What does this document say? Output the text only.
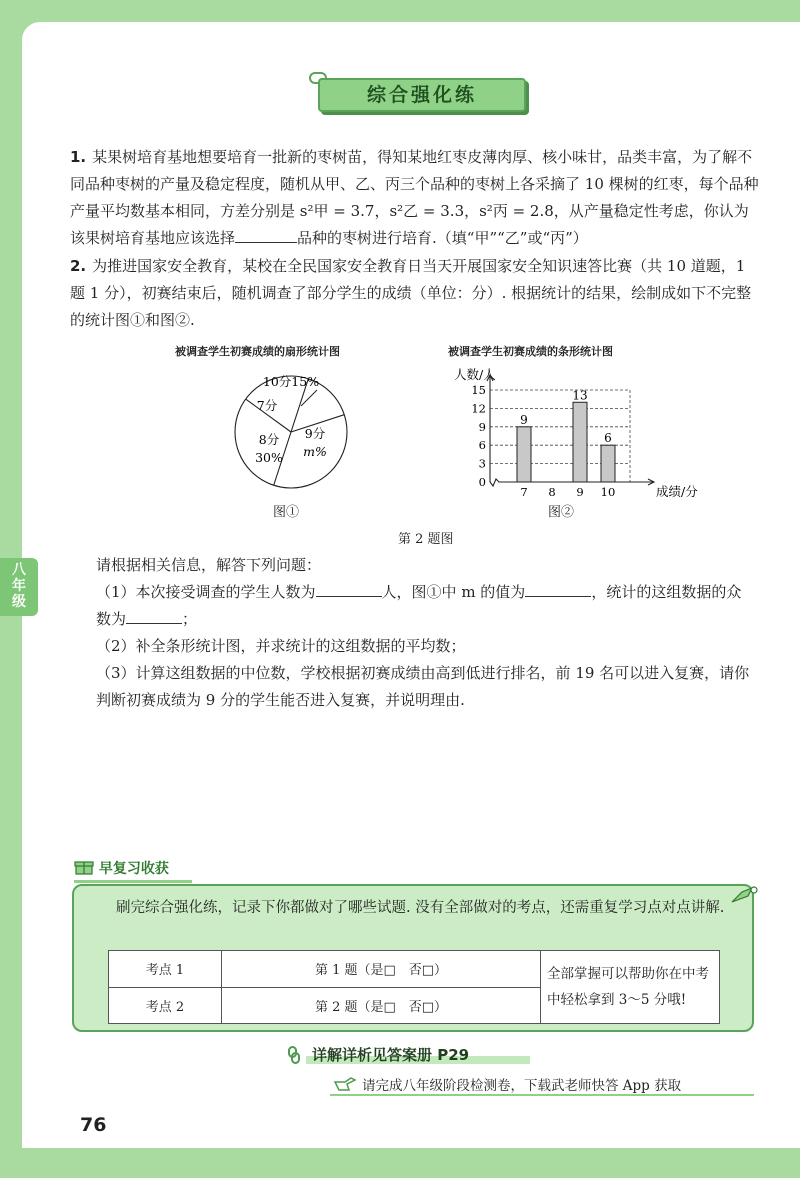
综合强化练
1. 某果树培育基地想要培育一批新的枣树苗，得知某地红枣皮薄肉厚、核小味甘，品类丰富，为了解不同品种枣树的产量及稳定程度，随机从甲、乙、丙三个品种的枣树上各采摘了 10 棵树的红枣，每个品种产量平均数基本相同，方差分别是 s²甲 = 3.7，s²乙 = 3.3，s²丙 = 2.8，从产量稳定性考虑，你认为该果树培育基地应该选择	品种的枣树进行培育.（填“甲”“乙”或“丙”）
2. 为推进国家安全教育，某校在全民国家安全教育日当天开展国家安全知识速答比赛（共 10 道题，1 题 1 分），初赛结束后，随机调查了部分学生的成绩（单位：分）. 根据统计的结果，绘制成如下不完整的统计图①和图②.
被调查学生初赛成绩的扇形统计图	被调查学生初赛成绩的条形统计图
10分15%
9分
m%
8分
30%
7分
人数/人
0
3
6
9
12
15
7
9
8 9
13
10
6
成绩/分
图①	图②
第 2 题图
八
年
级
请根据相关信息，解答下列问题：
（1）本次接受调查的学生人数为	人，图①中 m 的值为	，统计的这组数据的众数为	；
（2）补全条形统计图，并求统计的这组数据的平均数；
（3）计算这组数据的中位数，学校根据初赛成绩由高到低进行排名，前 19 名可以进入复赛，请你判断初赛成绩为 9 分的学生能否进入复赛，并说明理由.
早复习收获
刷完综合强化练，记录下你都做对了哪些试题. 没有全部做对的考点，还需重复学习点对点讲解.
考点 1	第 1 题（是□　否□）	全部掌握可以帮助你在中考中轻松拿到 3～5 分哦!
考点 2	第 2 题（是□　否□）	
详解详析见答案册 P29
请完成八年级阶段检测卷，下载武老师快答 App 获取
76
